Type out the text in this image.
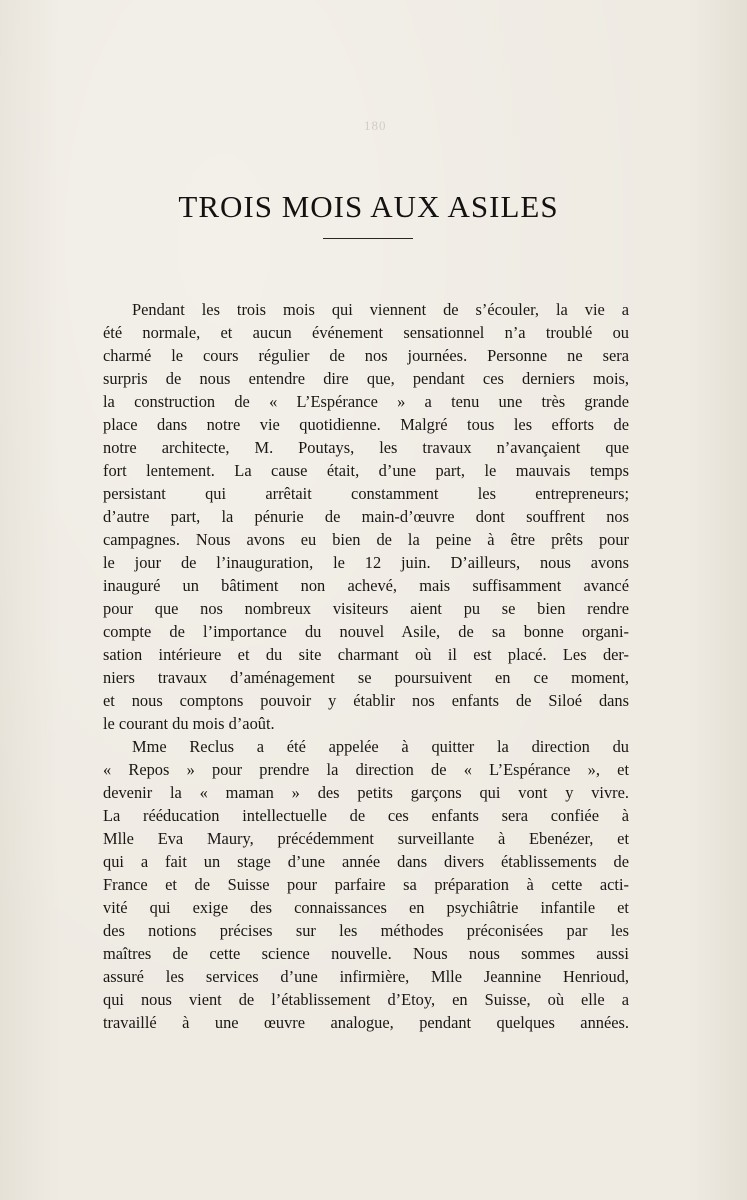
180
TROIS MOIS AUX ASILES

Pendant les trois mois qui viennent de s’écouler, la vie a
été normale, et aucun événement sensationnel n’a troublé ou
charmé le cours régulier de nos journées. Personne ne sera
surpris de nous entendre dire que, pendant ces derniers mois,
la construction de « L’Espérance » a tenu une très grande
place dans notre vie quotidienne. Malgré tous les efforts de
notre architecte, M. Poutays, les travaux n’avançaient que
fort lentement. La cause était, d’une part, le mauvais temps
persistant qui arrêtait constamment les entrepreneurs;
d’autre part, la pénurie de main-d’œuvre dont souffrent nos
campagnes. Nous avons eu bien de la peine à être prêts pour
le jour de l’inauguration, le 12 juin. D’ailleurs, nous avons
inauguré un bâtiment non achevé, mais suffisamment avancé
pour que nos nombreux visiteurs aient pu se bien rendre
compte de l’importance du nouvel Asile, de sa bonne organi-
sation intérieure et du site charmant où il est placé. Les der-
niers travaux d’aménagement se poursuivent en ce moment,
et nous comptons pouvoir y établir nos enfants de Siloé dans
le courant du mois d’août.

Mme Reclus a été appelée à quitter la direction du
« Repos » pour prendre la direction de « L’Espérance », et
devenir la « maman » des petits garçons qui vont y vivre.
La rééducation intellectuelle de ces enfants sera confiée à
Mlle Eva Maury, précédemment surveillante à Ebenézer, et
qui a fait un stage d’une année dans divers établissements de
France et de Suisse pour parfaire sa préparation à cette acti-
vité qui exige des connaissances en psychiâtrie infantile et
des notions précises sur les méthodes préconisées par les
maîtres de cette science nouvelle. Nous nous sommes aussi
assuré les services d’une infirmière, Mlle Jeannine Henrioud,
qui nous vient de l’établissement d’Etoy, en Suisse, où elle a
travaillé à une œuvre analogue, pendant quelques années.
